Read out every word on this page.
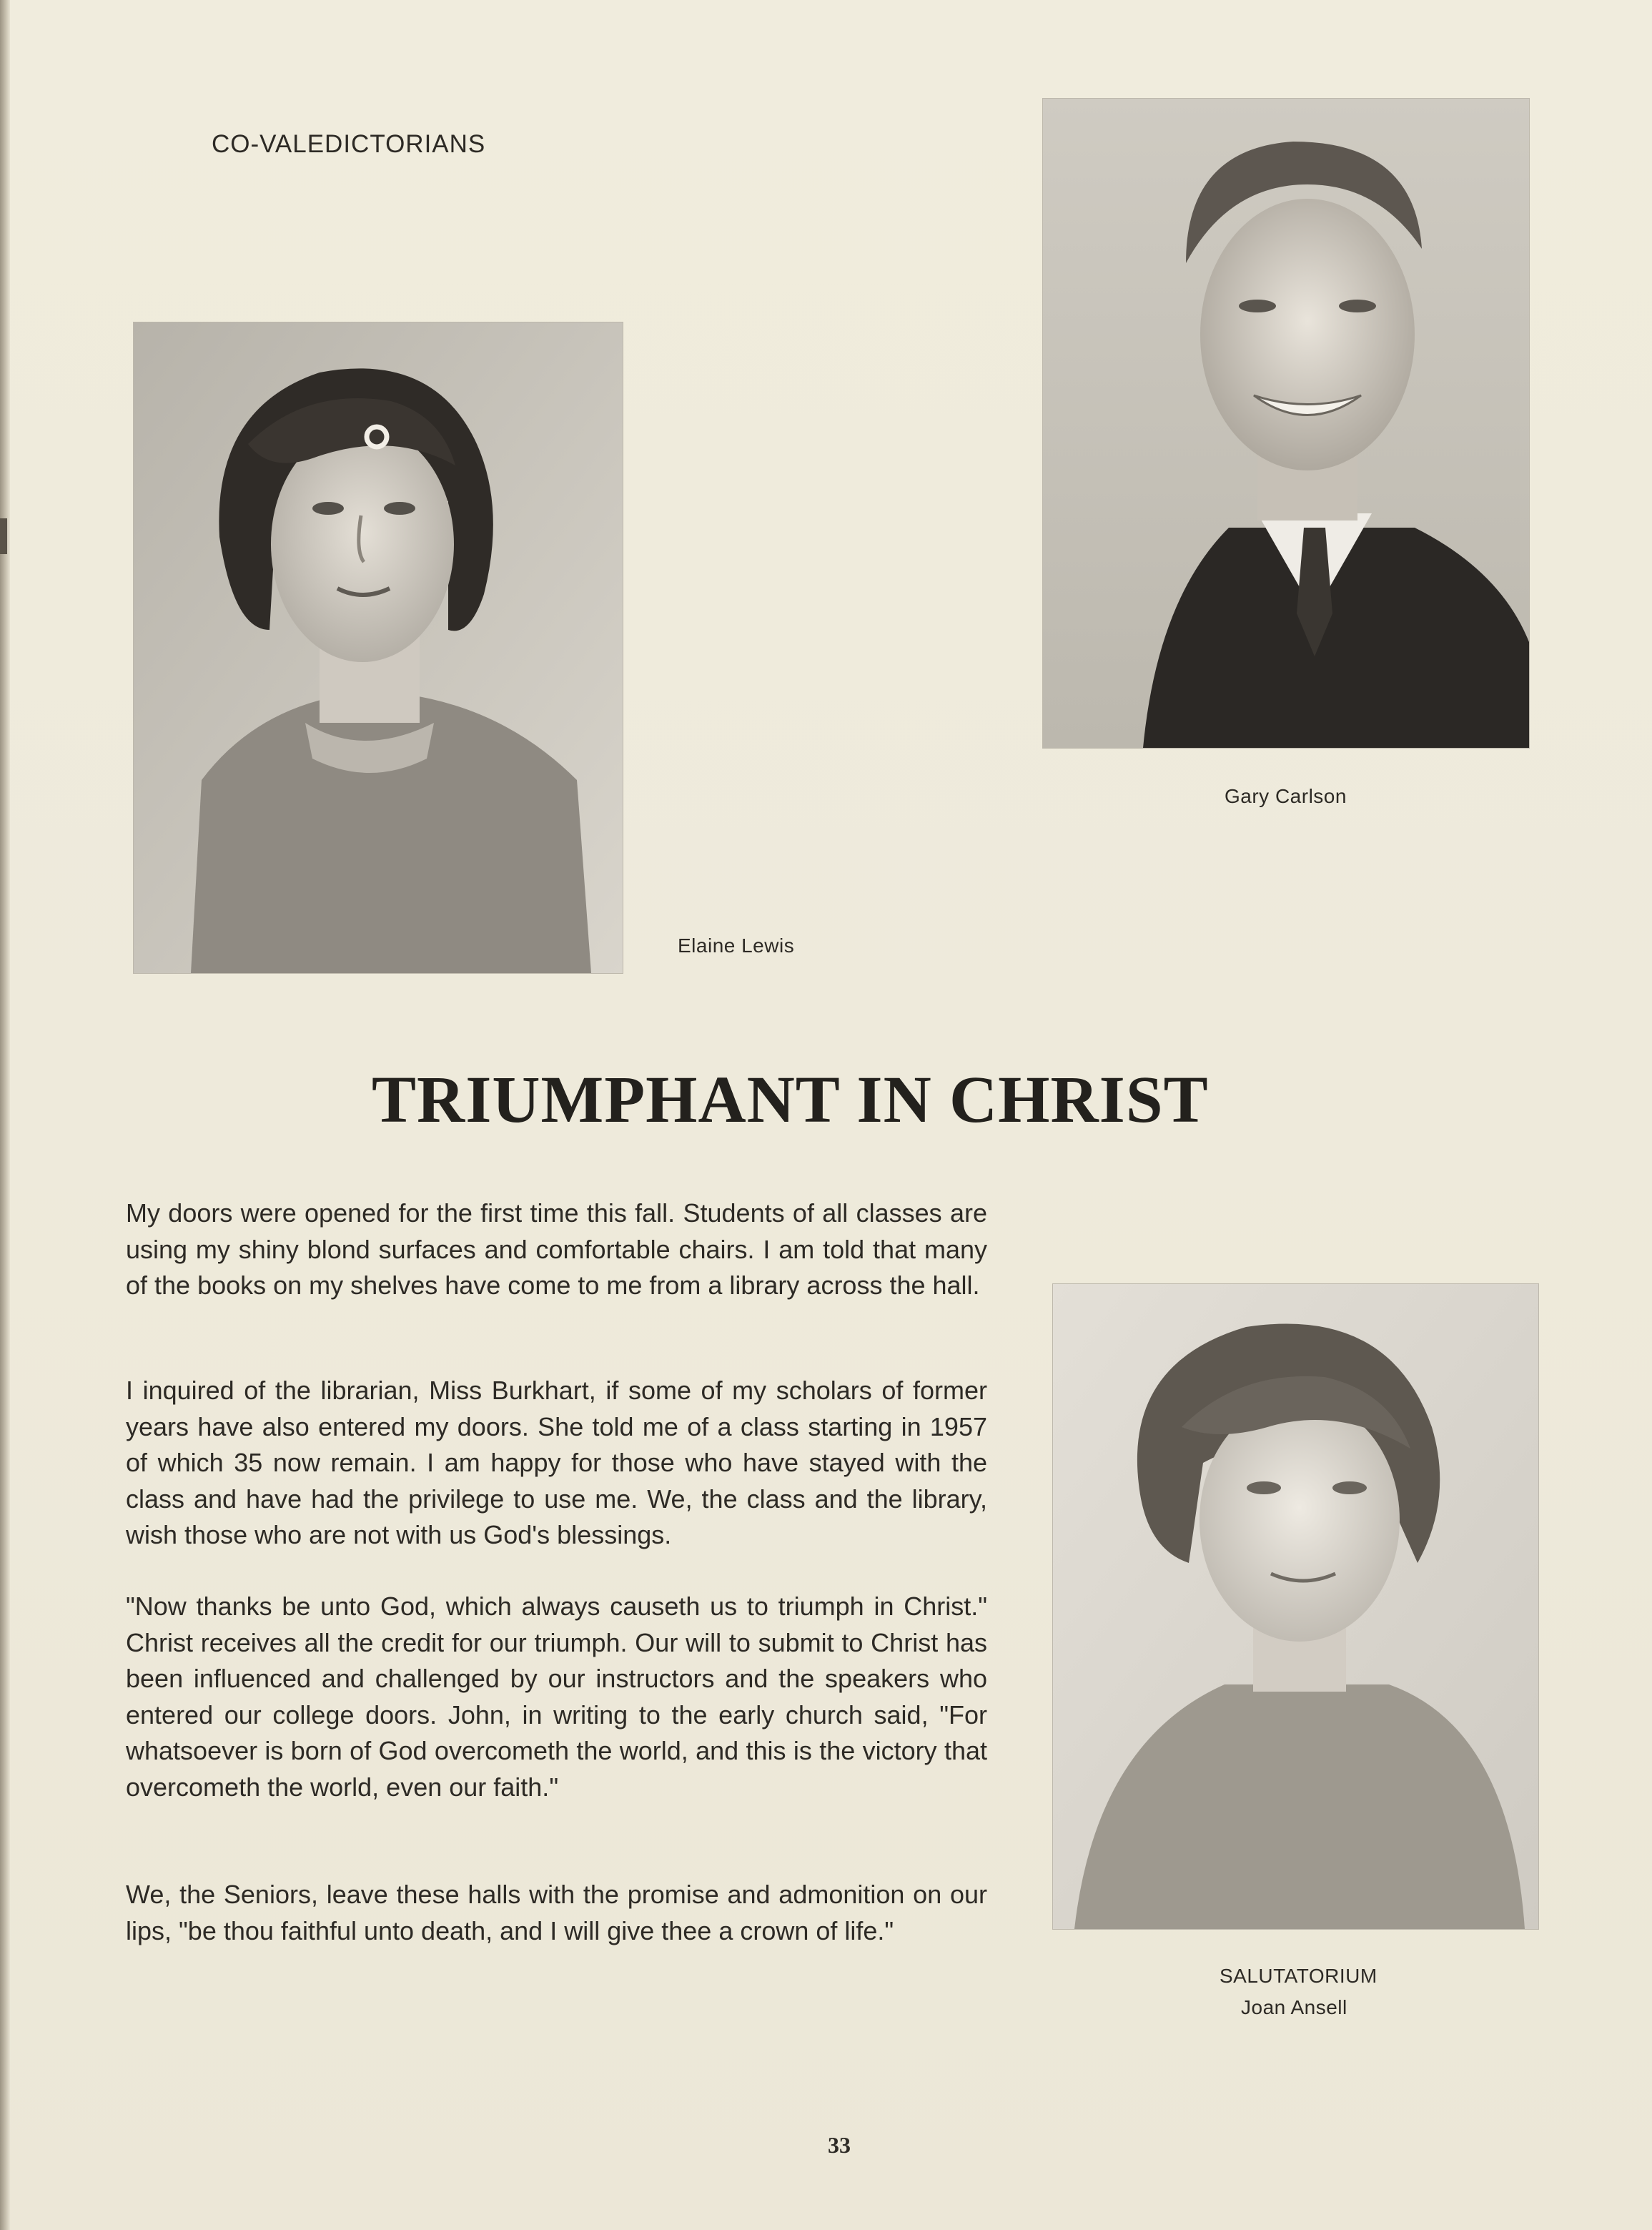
CO-VALEDICTORIANS
Elaine Lewis
Gary Carlson
SALUTATORIUM
Joan Ansell
TRIUMPHANT IN CHRIST

My doors were opened for the first time this fall. Students of all classes are using my shiny blond surfaces and comfortable chairs. I am told that many of the books on my shelves have come to me from a library across the hall.

I inquired of the librarian, Miss Burkhart, if some of my scholars of former years have also entered my doors. She told me of a class starting in 1957 of which 35 now remain. I am happy for those who have stayed with the class and have had the privilege to use me. We, the class and the library, wish those who are not with us God's blessings.

"Now thanks be unto God, which always causeth us to triumph in Christ." Christ receives all the credit for our triumph. Our will to submit to Christ has been influenced and challenged by our instructors and the speakers who entered our college doors. John, in writing to the early church said, "For whatsoever is born of God overcometh the world, and this is the victory that overcometh the world, even our faith."

We, the Seniors, leave these halls with the promise and admonition on our lips, "be thou faithful unto death, and I will give thee a crown of life."

33
